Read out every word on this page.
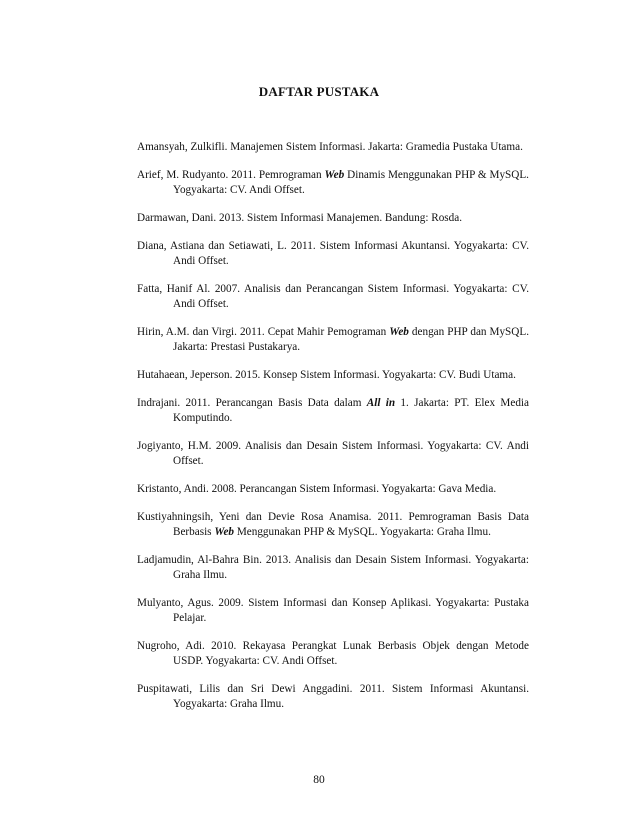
DAFTAR PUSTAKA

Amansyah, Zulkifli. Manajemen Sistem Informasi. Jakarta: Gramedia Pustaka Utama.

Arief, M. Rudyanto. 2011. Pemrograman Web Dinamis Menggunakan PHP & MySQL. Yogyakarta: CV. Andi Offset.

Darmawan, Dani. 2013. Sistem Informasi Manajemen. Bandung: Rosda.

Diana, Astiana dan Setiawati, L. 2011. Sistem Informasi Akuntansi. Yogyakarta: CV. Andi Offset.

Fatta, Hanif Al. 2007. Analisis dan Perancangan Sistem Informasi. Yogyakarta: CV. Andi Offset.

Hirin, A.M. dan Virgi. 2011. Cepat Mahir Pemograman Web dengan PHP dan MySQL. Jakarta: Prestasi Pustakarya.

Hutahaean, Jeperson. 2015. Konsep Sistem Informasi. Yogyakarta: CV. Budi Utama.

Indrajani. 2011. Perancangan Basis Data dalam All in 1. Jakarta: PT. Elex Media Komputindo.

Jogiyanto, H.M. 2009. Analisis dan Desain Sistem Informasi. Yogyakarta: CV. Andi Offset.

Kristanto, Andi. 2008. Perancangan Sistem Informasi. Yogyakarta: Gava Media.

Kustiyahningsih, Yeni dan Devie Rosa Anamisa. 2011. Pemrograman Basis Data Berbasis Web Menggunakan PHP & MySQL. Yogyakarta: Graha Ilmu.

Ladjamudin, Al-Bahra Bin. 2013. Analisis dan Desain Sistem Informasi. Yogyakarta: Graha Ilmu.

Mulyanto, Agus. 2009. Sistem Informasi dan Konsep Aplikasi. Yogyakarta: Pustaka Pelajar.

Nugroho, Adi. 2010. Rekayasa Perangkat Lunak Berbasis Objek dengan Metode USDP. Yogyakarta: CV. Andi Offset.

Puspitawati, Lilis dan Sri Dewi Anggadini. 2011. Sistem Informasi Akuntansi. Yogyakarta: Graha Ilmu.

80
